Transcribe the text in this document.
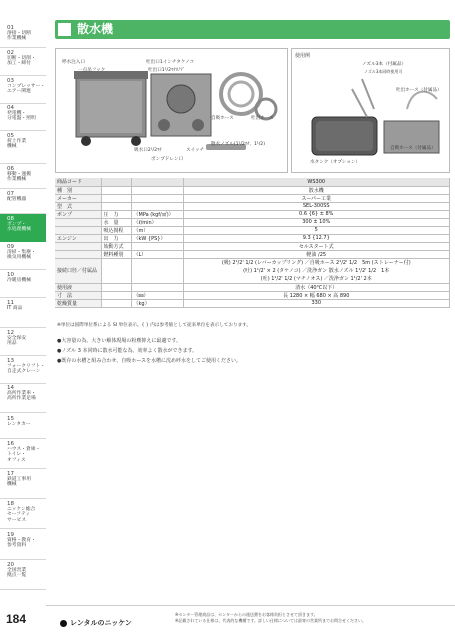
01
溶接・切断
作業機械
02
切断・切削・
加工・締付
03
コンプレッサー・
エアー関連
04
発電機・
分電盤・照明
05
荷上作業
機械
06
移動・運搬
作業機械
07
配管機器
08
ポンプ・
水処理機械
09
清掃・集塵・
換気用機械
10
冷暖房機械
11
IT 商品
12
安全保安
用品
13
フォークリフト・
自走式クレーン
14
高所作業車・
高所作業足場
15
レンタカー
16
ハウス・倉庫・
トイレ・
オフィス
17
鉄道工事用
機械
18
ニッケン総合
セーフティ
サービス
19
資格・教育・
参考資料
20
全国営業
拠点一覧
散水機
呼水注入口
一点吊フック
吐出口1インチタケノコ
吐出口1¹/2ﾏﾁｵﾉﾌﾞ
自吸ホース	吐出ホース
吸水口2¹/2ﾏﾁ	スイッチ
ポンプドレン口
散水ノズル(1¹/2ﾏﾁ、1¹/2)
使用例
ノズル3本（付属品）
ノズル3本同時使用可
吐出ホース（付属品）
水タンク（オプション）
自吸ホース（付属品）
商品コード			WS300
種　別			散水機
メーカー			スーパー工業
型　式			SEL-300SS
ポンプ	圧　力	（MPa (kgf/㎠)）	0.6 {6} ± 8%
	水　量	（ℓ/min）	300 ± 10%
	吸込揚程	（m）	5
エンジン	出　力	（kW {PS}）	9.3 {12.7}
	始動方式		セルスタート式
	燃料種別	（L）	軽油 /25
接続口径／付属品			(吸) 2¹/2' 1/2 (レバーカップリング) ／自吸ホース 2¹/2' 1/2　5m (ストレーナー付)
(吐) 1¹/2' × 2 (タケノコ) ／洗浄ガン 散水ノズル 1¹/2' 1/2　1本
(吐) 1¹/2' 1/2 (マチノオス) ／洗浄ガン 1¹/2' 2本
使用液			清水（40℃以下）
寸　法		（㎜）	長 1280 × 幅 680 × 高 890
乾燥質量		（kg）	330
※単位は国際単位系による SI 単位表示。{ } 内は参考値として従来単位を表示しております。
●大容量の為、大きい解体現場の粉塵抑えに最適です。
●ノズル 3 本同時に散水可能な為、効率よく散水ができます。
●既存の水槽と組み合わせ、自吸ホースを水槽に沈め呼水をしてご使用ください。
184	レンタルのニッケン
※センター管理商品は、センターからの運送費をお客様負担とさせて頂きます。
※記載されている仕様は、代表的な機種です。詳しい仕様については最寄の営業所までお問合せください。
